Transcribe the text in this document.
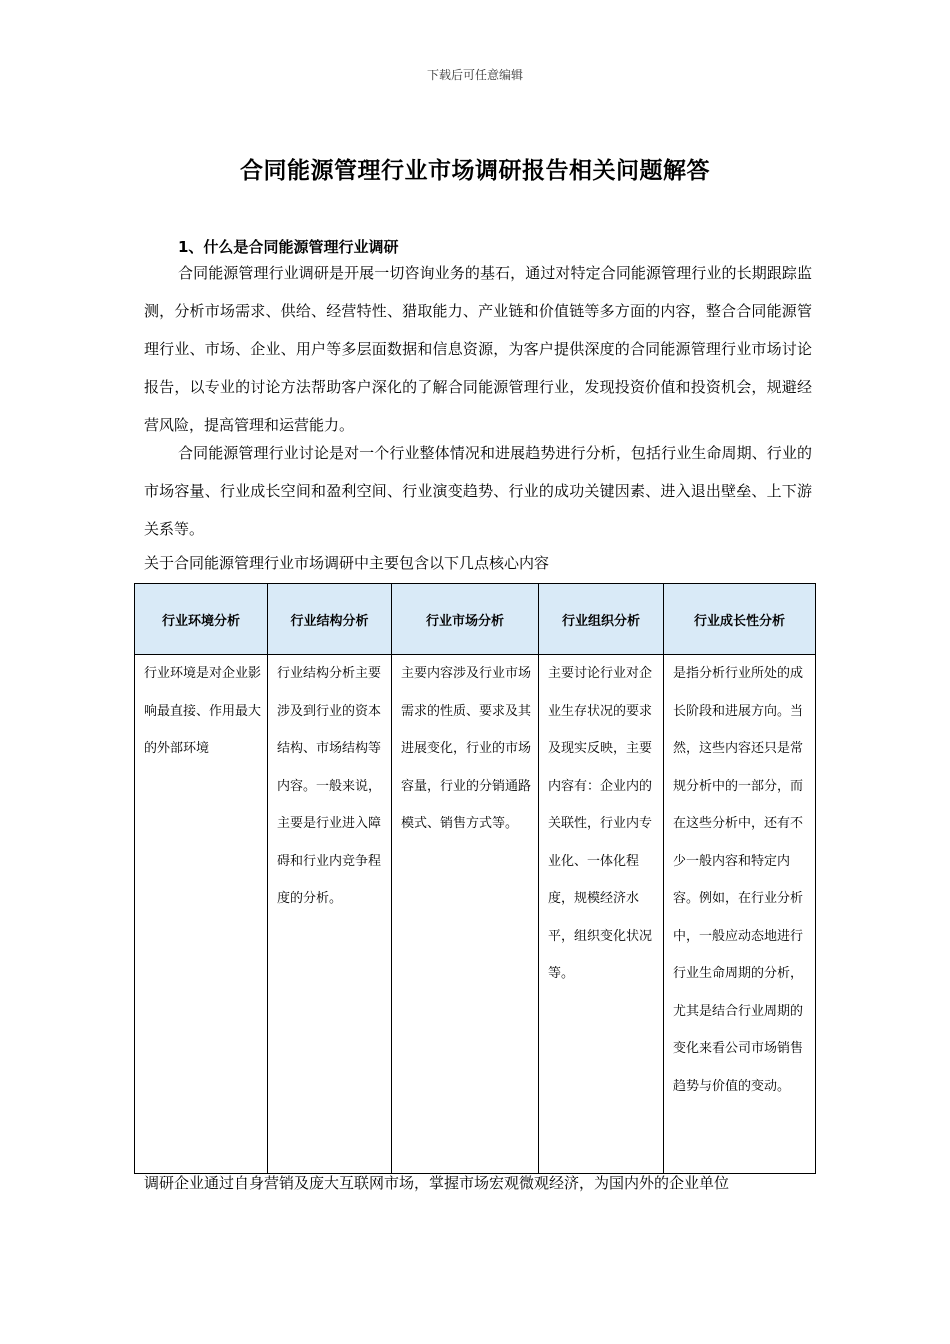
下载后可任意编辑
合同能源管理行业市场调研报告相关问题解答
1、什么是合同能源管理行业调研
合同能源管理行业调研是开展一切咨询业务的基石，通过对特定合同能源管理行业的长期跟踪监测，分析市场需求、供给、经营特性、猎取能力、产业链和价值链等多方面的内容，整合合同能源管理行业、市场、企业、用户等多层面数据和信息资源，为客户提供深度的合同能源管理行业市场讨论报告，以专业的讨论方法帮助客户深化的了解合同能源管理行业，发现投资价值和投资机会，规避经营风险，提高管理和运营能力。
合同能源管理行业讨论是对一个行业整体情况和进展趋势进行分析，包括行业生命周期、行业的市场容量、行业成长空间和盈利空间、行业演变趋势、行业的成功关键因素、进入退出壁垒、上下游关系等。
关于合同能源管理行业市场调研中主要包含以下几点核心内容
行业环境分析	行业结构分析	行业市场分析	行业组织分析	行业成长性分析
行业环境是对企业影响最直接、作用最大的外部环境	行业结构分析主要涉及到行业的资本结构、市场结构等内容。一般来说，主要是行业进入障碍和行业内竞争程度的分析。	主要内容涉及行业市场需求的性质、要求及其进展变化，行业的市场容量，行业的分销通路模式、销售方式等。	主要讨论行业对企业生存状况的要求及现实反映，主要内容有：企业内的关联性，行业内专业化、一体化程度，规模经济水平，组织变化状况等。	是指分析行业所处的成长阶段和进展方向。当然，这些内容还只是常规分析中的一部分，而在这些分析中，还有不少一般内容和特定内容。例如，在行业分析中，一般应动态地进行行业生命周期的分析，尤其是结合行业周期的变化来看公司市场销售趋势与价值的变动。
调研企业通过自身营销及庞大互联网市场，掌握市场宏观微观经济，为国内外的企业单位
